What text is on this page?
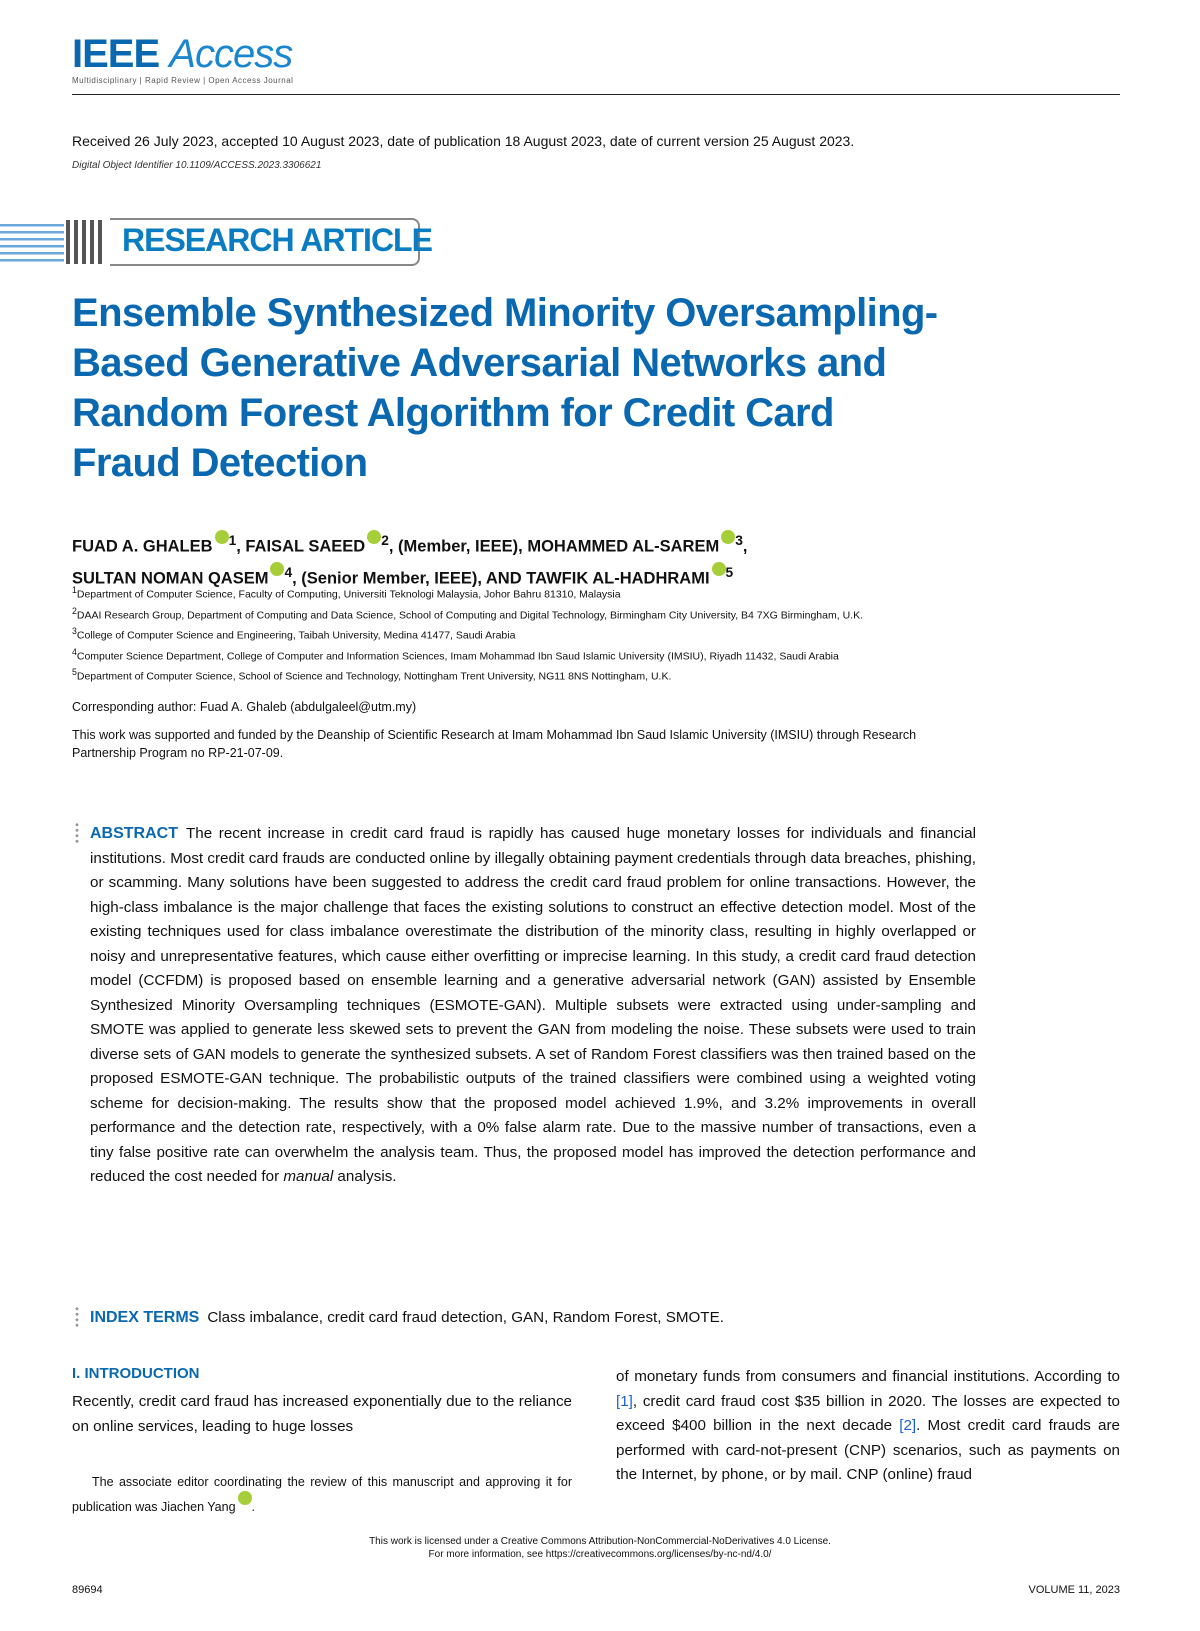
IEEE Access
Multidisciplinary | Rapid Review | Open Access Journal
Received 26 July 2023, accepted 10 August 2023, date of publication 18 August 2023, date of current version 25 August 2023.
Digital Object Identifier 10.1109/ACCESS.2023.3306621
RESEARCH ARTICLE
Ensemble Synthesized Minority Oversampling-Based Generative Adversarial Networks and Random Forest Algorithm for Credit Card Fraud Detection

FUAD A. GHALEB $^1$, FAISAL SAEED $^2$, (Member, IEEE), MOHAMMED AL-SAREM $^3$,
SULTAN NOMAN QASEM $^4$, (Senior Member, IEEE), AND TAWFIK AL-HADHRAMI $^5$

$^1$Department of Computer Science, Faculty of Computing, Universiti Teknologi Malaysia, Johor Bahru 81310, Malaysia

$^2$DAAI Research Group, Department of Computing and Data Science, School of Computing and Digital Technology, Birmingham City University, B4 7XG Birmingham, U.K.

$^3$College of Computer Science and Engineering, Taibah University, Medina 41477, Saudi Arabia

$^4$Computer Science Department, College of Computer and Information Sciences, Imam Mohammad Ibn Saud Islamic University (IMSIU), Riyadh 11432, Saudi Arabia

$^5$Department of Computer Science, School of Science and Technology, Nottingham Trent University, NG11 8NS Nottingham, U.K.

Corresponding author: Fuad A. Ghaleb (abdulgaleel@utm.my)

This work was supported and funded by the Deanship of Scientific Research at Imam Mohammad Ibn Saud Islamic University (IMSIU) through Research Partnership Program no RP-21-07-09.

ABSTRACT The recent increase in credit card fraud is rapidly has caused huge monetary losses for individuals and financial institutions. Most credit card frauds are conducted online by illegally obtaining payment credentials through data breaches, phishing, or scamming. Many solutions have been suggested to address the credit card fraud problem for online transactions. However, the high-class imbalance is the major challenge that faces the existing solutions to construct an effective detection model. Most of the existing techniques used for class imbalance overestimate the distribution of the minority class, resulting in highly overlapped or noisy and unrepresentative features, which cause either overfitting or imprecise learning. In this study, a credit card fraud detection model (CCFDM) is proposed based on ensemble learning and a generative adversarial network (GAN) assisted by Ensemble Synthesized Minority Oversampling techniques (ESMOTE-GAN). Multiple subsets were extracted using under-sampling and SMOTE was applied to generate less skewed sets to prevent the GAN from modeling the noise. These subsets were used to train diverse sets of GAN models to generate the synthesized subsets. A set of Random Forest classifiers was then trained based on the proposed ESMOTE-GAN technique. The probabilistic outputs of the trained classifiers were combined using a weighted voting scheme for decision-making. The results show that the proposed model achieved 1.9%, and 3.2% improvements in overall performance and the detection rate, respectively, with a 0% false alarm rate. Due to the massive number of transactions, even a tiny false positive rate can overwhelm the analysis team. Thus, the proposed model has improved the detection performance and reduced the cost needed for manual analysis.

INDEX TERMS Class imbalance, credit card fraud detection, GAN, Random Forest, SMOTE.

I. INTRODUCTION

Recently, credit card fraud has increased exponentially due to the reliance on online services, leading to huge losses

of monetary funds from consumers and financial institutions. According to [1], credit card fraud cost $35 billion in 2020. The losses are expected to exceed $400 billion in the next decade [2]. Most credit card frauds are performed with card-not-present (CNP) scenarios, such as payments on the Internet, by phone, or by mail. CNP (online) fraud

The associate editor coordinating the review of this manuscript and approving it for publication was Jiachen Yang .

This work is licensed under a Creative Commons Attribution-NonCommercial-NoDerivatives 4.0 License.

For more information, see https://creativecommons.org/licenses/by-nc-nd/4.0/

89694	VOLUME 11, 2023
